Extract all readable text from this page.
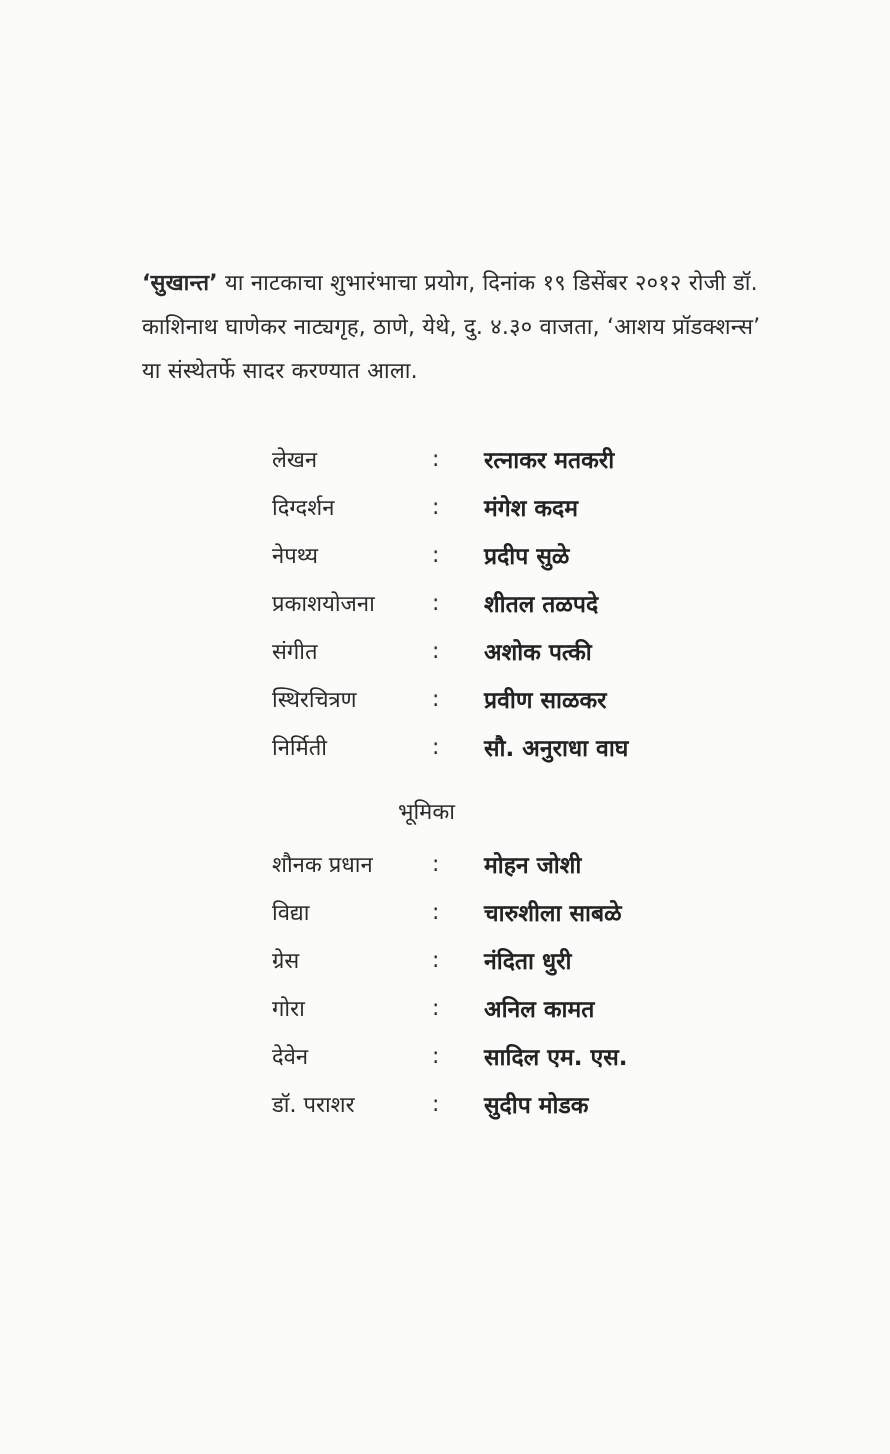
‘सुखान्त’ या नाटकाचा शुभारंभाचा प्रयोग, दिनांक १९ डिसेंबर २०१२ रोजी डॉ. काशिनाथ घाणेकर नाट्यगृह, ठाणे, येथे, दु. ४.३० वाजता, ‘आशय प्रॉडक्शन्स’ या संस्थेतर्फे सादर करण्यात आला.

लेखन	:	रत्नाकर मतकरी
दिग्दर्शन	:	मंगेश कदम
नेपथ्य	:	प्रदीप सुळे
प्रकाशयोजना	:	शीतल तळपदे
संगीत	:	अशोक पत्की
स्थिरचित्रण	:	प्रवीण साळकर
निर्मिती	:	सौ. अनुराधा वाघ
भूमिका
शौनक प्रधान	:	मोहन जोशी
विद्या	:	चारुशीला साबळे
ग्रेस	:	नंदिता धुरी
गोरा	:	अनिल कामत
देवेन	:	सादिल एम. एस.
डॉ. पराशर	:	सुदीप मोडक
